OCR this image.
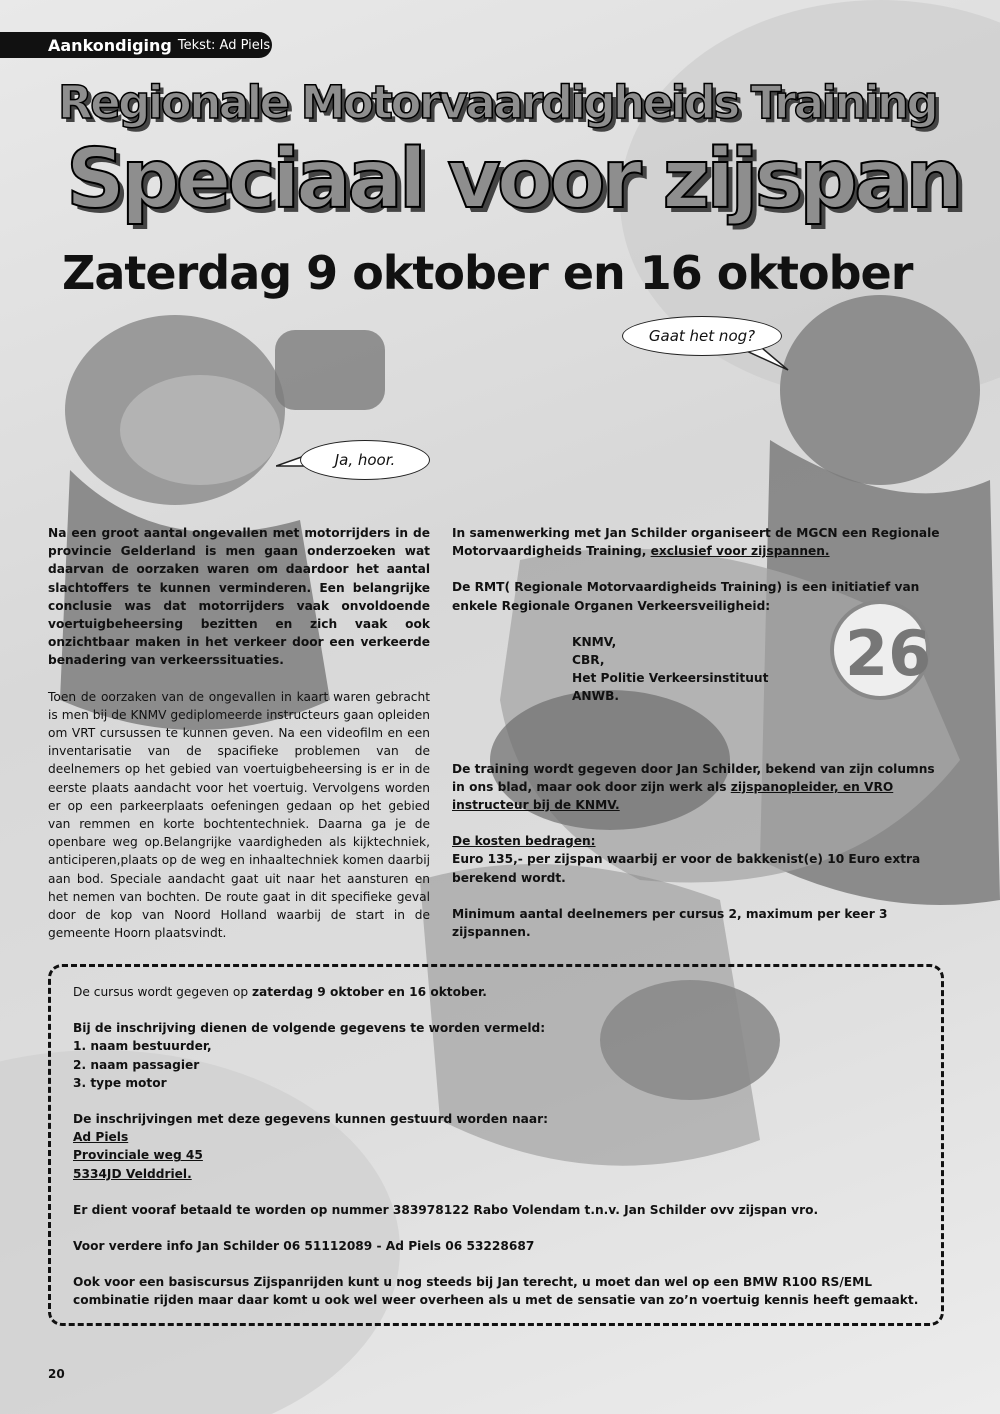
26
Aankondiging Tekst: Ad Piels
Regionale Motorvaardigheids Training
Speciaal voor zijspan
Zaterdag 9 oktober en 16 oktober
Gaat het nog?
Ja, hoor.

Na een groot aantal ongevallen met motorrijders in de provincie Gelderland is men gaan onderzoeken wat daarvan de oorzaken waren om daardoor het aantal slachtoffers te kunnen verminderen. Een belangrijke conclusie was dat motorrijders vaak onvoldoende voertuigbeheersing bezitten en zich vaak ook onzichtbaar maken in het verkeer door een verkeerde benadering van verkeerssituaties.

Toen de oorzaken van de ongevallen in kaart waren gebracht is men bij de KNMV gediplomeerde instructeurs gaan opleiden om VRT cursussen te kunnen geven. Na een videofilm en een inventarisatie van de spacifieke problemen van de deelnemers op het gebied van voertuigbeheersing is er in de eerste plaats aandacht voor het voertuig. Vervolgens worden er op een parkeerplaats oefeningen gedaan op het gebied van remmen en korte bochtentechniek. Daarna ga je de openbare weg op.Belangrijke vaardigheden als kijktechniek, anticiperen,plaats op de weg en inhaaltechniek komen daarbij aan bod. Speciale aandacht gaat uit naar het aansturen en het nemen van bochten. De route gaat in dit specifieke geval door de kop van Noord Holland waarbij de start in de gemeente Hoorn plaatsvindt.

In samenwerking met Jan Schilder organiseert de MGCN een Regionale Motorvaardigheids Training, exclusief voor zijspannen.

De RMT( Regionale Motorvaardigheids Training) is een initiatief van enkele Regionale Organen Verkeersveiligheid:

KNMV,
CBR,
Het Politie Verkeersinstituut
ANWB.

De training wordt gegeven door Jan Schilder, bekend van zijn columns in ons blad, maar ook door zijn werk als zijspanopleider, en VRO instructeur bij de KNMV.

De kosten bedragen:

Euro 135,- per zijspan waarbij er voor de bakkenist(e) 10 Euro extra berekend wordt.

Minimum aantal deelnemers per cursus 2, maximum per keer 3 zijspannen.

De cursus wordt gegeven op zaterdag 9 oktober en 16 oktober.

Bij de inschrijving dienen de volgende gegevens te worden vermeld:

1. naam bestuurder,

2. naam passagier

3. type motor

De inschrijvingen met deze gegevens kunnen gestuurd worden naar:

Ad Piels

Provinciale weg 45

5334JD Velddriel.

Er dient vooraf betaald te worden op nummer 383978122 Rabo Volendam t.n.v. Jan Schilder ovv zijspan vro.

Voor verdere info Jan Schilder 06 51112089 - Ad Piels 06 53228687

Ook voor een basiscursus Zijspanrijden kunt u nog steeds bij Jan terecht, u moet dan wel op een BMW R100 RS/EML combinatie rijden maar daar komt u ook wel weer overheen als u met de sensatie van zo’n voertuig kennis heeft gemaakt.

20
